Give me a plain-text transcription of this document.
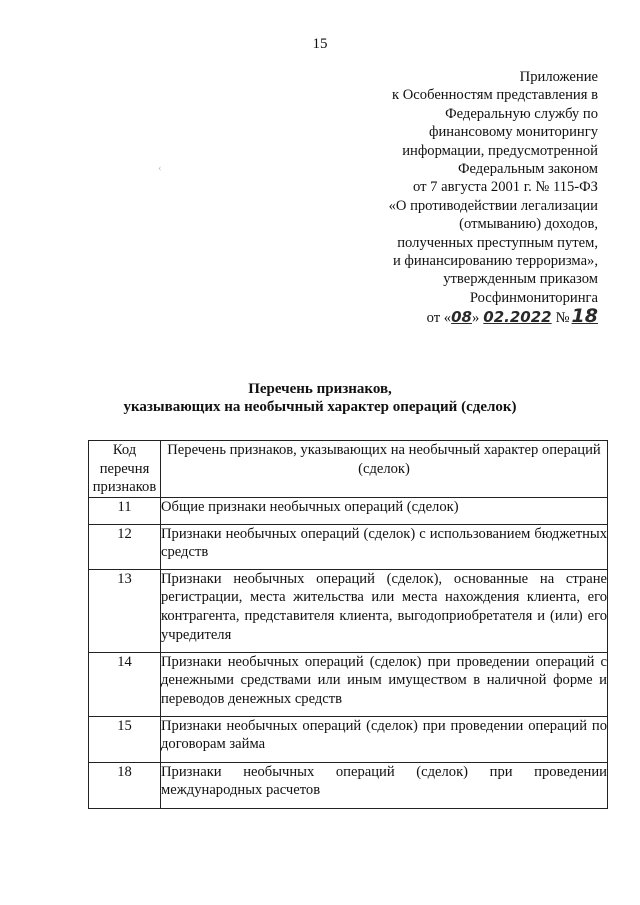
15
‹
Приложение
к Особенностям представления в
Федеральную службу по
финансовому мониторингу
информации, предусмотренной
Федеральным законом
от 7 августа 2001 г. № 115-ФЗ
«О противодействии легализации
(отмыванию) доходов,
полученных преступным путем,
и финансированию терроризма»,
утвержденным приказом
Росфинмониторинга
от «08» 02.2022 № 18
Перечень признаков,
указывающих на необычный характер операций (сделок)
Код перечня признаков	Перечень признаков, указывающих на необычный характер операций (сделок)
11	Общие признаки необычных операций (сделок)
12	Признаки необычных операций (сделок) с использованием бюджетных средств
13	Признаки необычных операций (сделок), основанные на стране регистрации, места жительства или места нахождения клиента, его контрагента, представителя клиента, выгодоприобретателя и (или) его учредителя
14	Признаки необычных операций (сделок) при проведении операций с денежными средствами или иным имуществом в наличной форме и переводов денежных средств
15	Признаки необычных операций (сделок) при проведении операций по договорам займа
18	Признаки необычных операций (сделок) при проведении международных расчетов
